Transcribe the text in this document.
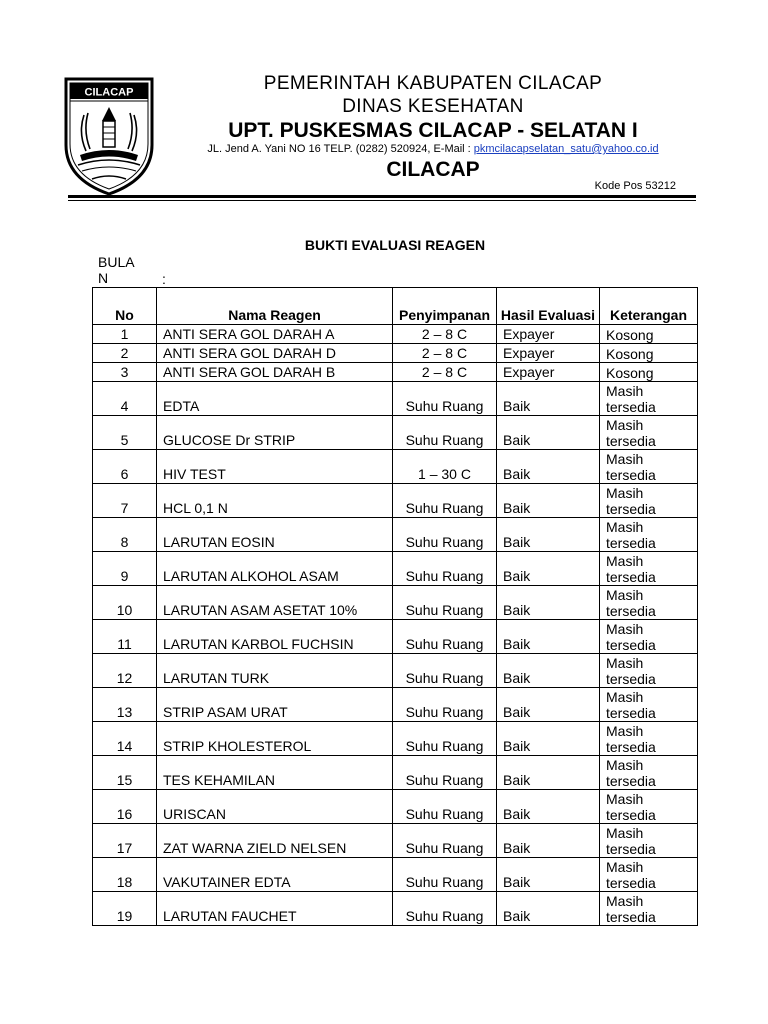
CILACAP	PEMERINTAH KABUPATEN CILACAP
DINAS KESEHATAN
UPT. PUSKESMAS CILACAP - SELATAN I
JL. Jend A. Yani NO 16 TELP. (0282) 520924, E-Mail : pkmcilacapselatan_satu@yahoo.co.id
CILACAP
Kode Pos 53212
BUKTI EVALUASI REAGEN
BULA
N	:
No	Nama Reagen	Penyimpanan	Hasil Evaluasi	Keterangan
1	ANTI SERA GOL DARAH A	2 – 8 C	Expayer	Kosong
2	ANTI SERA GOL DARAH D	2 – 8 C	Expayer	Kosong
3	ANTI SERA GOL DARAH B	2 – 8 C	Expayer	Kosong
4	EDTA	Suhu Ruang	Baik	Masih tersedia
5	GLUCOSE Dr STRIP	Suhu Ruang	Baik	Masih tersedia
6	HIV TEST	1 – 30 C	Baik	Masih tersedia
7	HCL 0,1 N	Suhu Ruang	Baik	Masih tersedia
8	LARUTAN EOSIN	Suhu Ruang	Baik	Masih tersedia
9	LARUTAN ALKOHOL ASAM	Suhu Ruang	Baik	Masih tersedia
10	LARUTAN ASAM ASETAT 10%	Suhu Ruang	Baik	Masih tersedia
11	LARUTAN KARBOL FUCHSIN	Suhu Ruang	Baik	Masih tersedia
12	LARUTAN TURK	Suhu Ruang	Baik	Masih tersedia
13	STRIP ASAM URAT	Suhu Ruang	Baik	Masih tersedia
14	STRIP KHOLESTEROL	Suhu Ruang	Baik	Masih tersedia
15	TES KEHAMILAN	Suhu Ruang	Baik	Masih tersedia
16	URISCAN	Suhu Ruang	Baik	Masih tersedia
17	ZAT WARNA ZIELD NELSEN	Suhu Ruang	Baik	Masih tersedia
18	VAKUTAINER EDTA	Suhu Ruang	Baik	Masih tersedia
19	LARUTAN FAUCHET	Suhu Ruang	Baik	Masih tersedia
